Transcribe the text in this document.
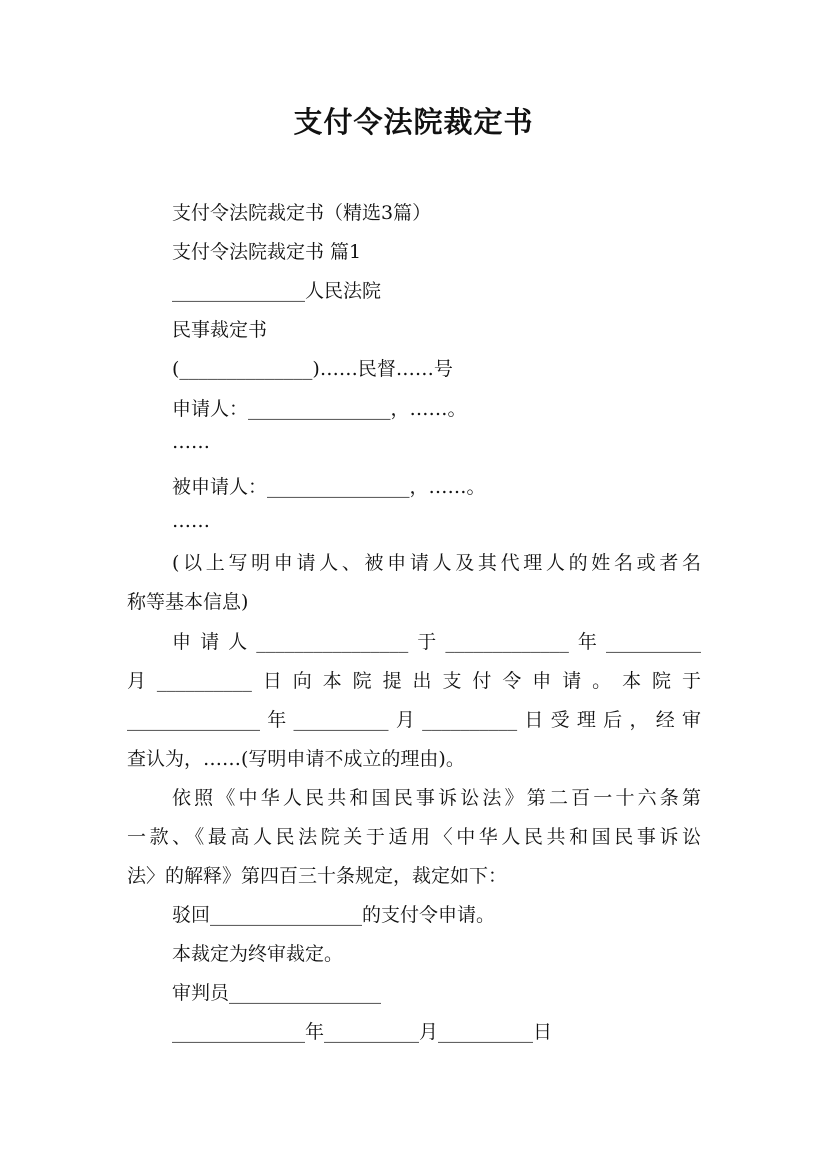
支付令法院裁定书
支付令法院裁定书（精选3篇）
支付令法院裁定书 篇1
______________人民法院
民事裁定书
(______________)……民督……号
申请人：_______________，……。
……
被申请人：_______________，……。
……
(以上写明申请人、被申请人及其代理人的姓名或者名
称等基本信息)
申请人________________于_____________年__________
月__________日向本院提出支付令申请。本院于
______________年__________月__________日受理后，经审
查认为，……(写明申请不成立的理由)。
依照《中华人民共和国民事诉讼法》第二百一十六条第
一款、《最高人民法院关于适用〈中华人民共和国民事诉讼
法〉的解释》第四百三十条规定，裁定如下：
驳回________________的支付令申请。
本裁定为终审裁定。
审判员________________
______________年__________月__________日
